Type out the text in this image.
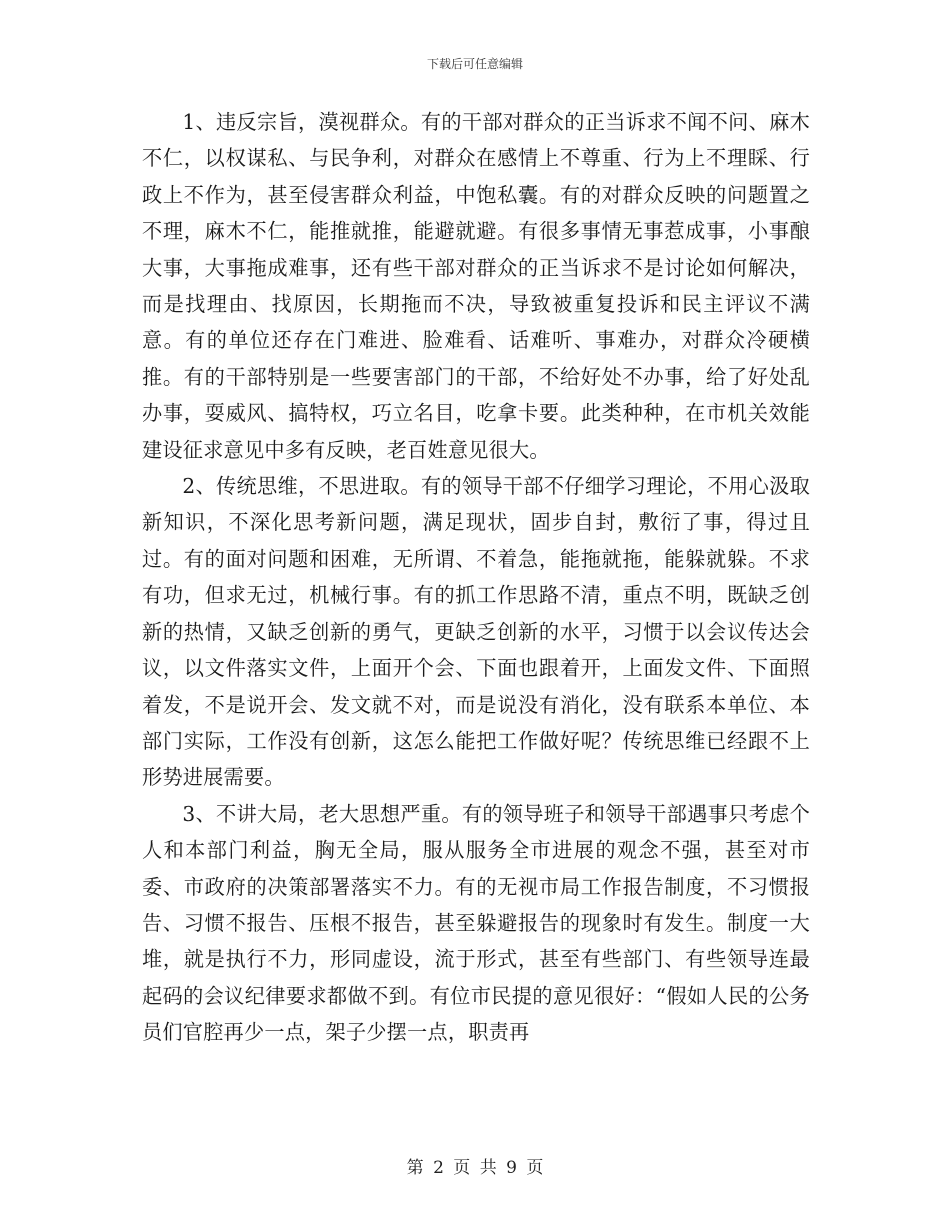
下载后可任意编辑

1、违反宗旨，漠视群众。有的干部对群众的正当诉求不闻不问、麻木不仁，以权谋私、与民争利，对群众在感情上不尊重、行为上不理睬、行政上不作为，甚至侵害群众利益，中饱私囊。有的对群众反映的问题置之不理，麻木不仁，能推就推，能避就避。有很多事情无事惹成事，小事酿大事，大事拖成难事，还有些干部对群众的正当诉求不是讨论如何解决，而是找理由、找原因，长期拖而不决，导致被重复投诉和民主评议不满意。有的单位还存在门难进、脸难看、话难听、事难办，对群众冷硬横推。有的干部特别是一些要害部门的干部，不给好处不办事，给了好处乱办事，耍威风、搞特权，巧立名目，吃拿卡要。此类种种，在市机关效能建设征求意见中多有反映，老百姓意见很大。

2、传统思维，不思进取。有的领导干部不仔细学习理论，不用心汲取新知识，不深化思考新问题，满足现状，固步自封，敷衍了事，得过且过。有的面对问题和困难，无所谓、不着急，能拖就拖，能躲就躲。不求有功，但求无过，机械行事。有的抓工作思路不清，重点不明，既缺乏创新的热情，又缺乏创新的勇气，更缺乏创新的水平，习惯于以会议传达会议，以文件落实文件，上面开个会、下面也跟着开，上面发文件、下面照着发，不是说开会、发文就不对，而是说没有消化，没有联系本单位、本部门实际，工作没有创新，这怎么能把工作做好呢？传统思维已经跟不上形势进展需要。

3、不讲大局，老大思想严重。有的领导班子和领导干部遇事只考虑个人和本部门利益，胸无全局，服从服务全市进展的观念不强，甚至对市委、市政府的决策部署落实不力。有的无视市局工作报告制度，不习惯报告、习惯不报告、压根不报告，甚至躲避报告的现象时有发生。制度一大堆，就是执行不力，形同虚设，流于形式，甚至有些部门、有些领导连最起码的会议纪律要求都做不到。有位市民提的意见很好：“假如人民的公务员们官腔再少一点，架子少摆一点，职责再

第 2 页 共 9 页
